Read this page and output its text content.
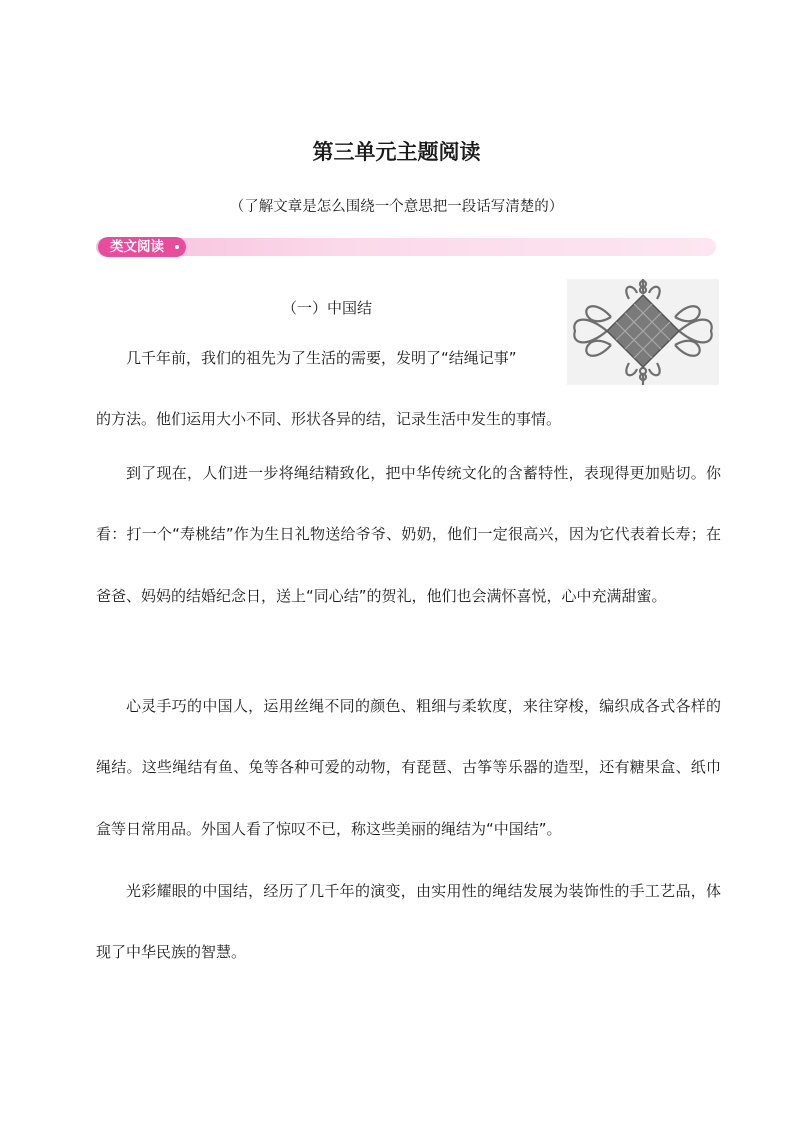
第三单元主题阅读
（了解文章是怎么围绕一个意思把一段话写清楚的）
类文阅读
（一）中国结

几千年前，我们的祖先为了生活的需要，发明了“结绳记事”

的方法。他们运用大小不同、形状各异的结，记录生活中发生的事情。

到了现在，人们进一步将绳结精致化，把中华传统文化的含蓄特性，表现得更加贴切。你看：打一个“寿桃结”作为生日礼物送给爷爷、奶奶，他们一定很高兴，因为它代表着长寿；在爸爸、妈妈的结婚纪念日，送上“同心结”的贺礼，他们也会满怀喜悦，心中充满甜蜜。

心灵手巧的中国人，运用丝绳不同的颜色、粗细与柔软度，来往穿梭，编织成各式各样的绳结。这些绳结有鱼、兔等各种可爱的动物，有琵琶、古筝等乐器的造型，还有糖果盒、纸巾盒等日常用品。外国人看了惊叹不已，称这些美丽的绳结为“中国结”。

光彩耀眼的中国结，经历了几千年的演变，由实用性的绳结发展为装饰性的手工艺品，体现了中华民族的智慧。
